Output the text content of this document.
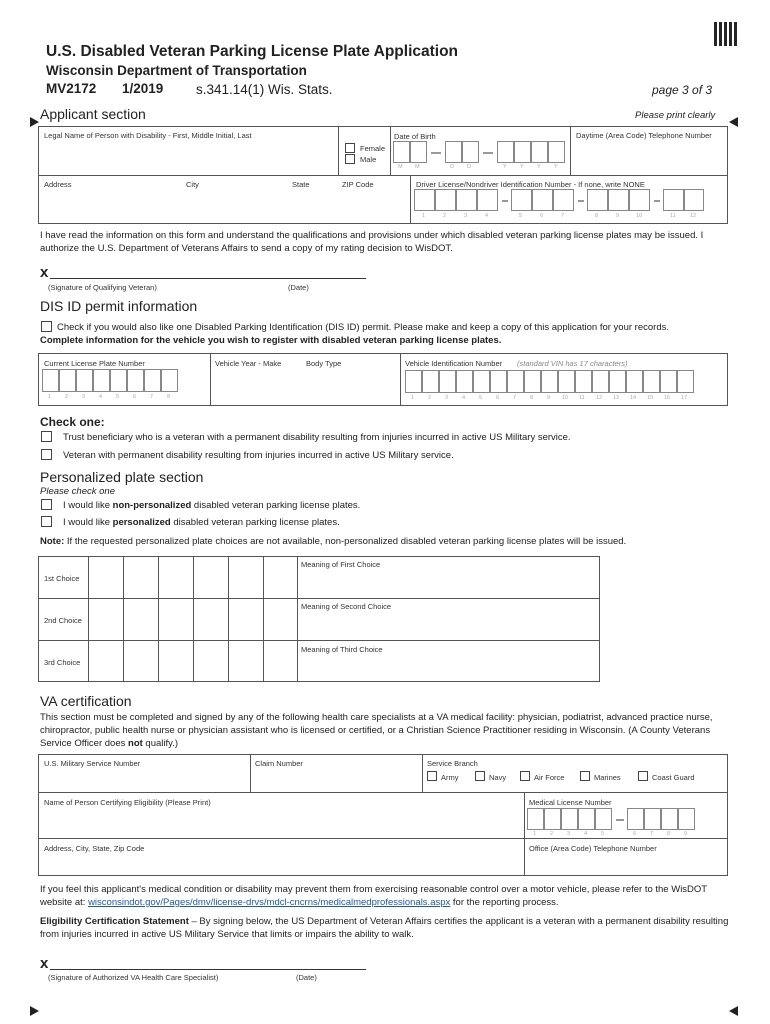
U.S. Disabled Veteran Parking License Plate Application
Wisconsin Department of Transportation
MV2172 1/2019 s.341.14(1) Wis. Stats.	page 3 of 3
Applicant section	Please print clearly
Legal Name of Person with Disability - First, Middle Initial, Last
Female
Male
Date of Birth
M M	D D	Y Y Y Y
Daytime (Area Code) Telephone Number
Address	City	State	ZIP Code	Driver License/Nondriver Identification Number - If none, write NONE
1	2	3	4	5	6	7	8	9	10	11	12
I have read the information on this form and understand the qualifications and provisions under which disabled veteran parking license plates may be issued. I authorize the U.S. Department of Veterans Affairs to send a copy of my rating decision to WisDOT.
x
(Signature of Qualifying Veteran)	(Date)
DIS ID permit information
Check if you would also like one Disabled Parking Identification (DIS ID) permit. Please make and keep a copy of this application for your records.
Complete information for the vehicle you wish to register with disabled veteran parking license plates.
Current License Plate Number
1	2	3	4	5	6	7	8
Vehicle Year - Make	Body Type	Vehicle Identification Number (standard VIN has 17 characters)
1	2	3	4	5	6	7	8	9 10 11 12 13 14 15 16 17
Check one:
Trust beneficiary who is a veteran with a permanent disability resulting from injuries incurred in active US Military service.
Veteran with permanent disability resulting from injuries incurred in active US Military service.
Personalized plate section
Please check one
I would like non-personalized disabled veteran parking license plates.
I would like personalized disabled veteran parking license plates.
Note: If the requested personalized plate choices are not available, non-personalized disabled veteran parking license plates will be issued.
1st Choice
Meaning of First Choice
2nd Choice
Meaning of Second Choice
3rd Choice
Meaning of Third Choice
VA certification
This section must be completed and signed by any of the following health care specialists at a VA medical facility: physician, podiatrist, advanced practice nurse, chiropractor, public health nurse or physician assistant who is licensed or certified, or a Christian Science Practitioner residing in Wisconsin. (A County Veterans Service Officer does not qualify.)
U.S. Military Service Number	Claim Number	Service Branch
Army	Navy	Air Force	Marines	Coast Guard
Name of Person Certifying Eligibility (Please Print)	Medical License Number
1	2	3	4	5	6	7	8	9
Address, City, State, Zip Code	Office (Area Code) Telephone Number
If you feel this applicant's medical condition or disability may prevent them from exercising reasonable control over a motor vehicle, please refer to the WisDOT website at: wisconsindot.gov/Pages/dmv/license-drvs/mdcl-cncrns/medicalmedprofessionals.aspx for the reporting process.
Eligibility Certification Statement – By signing below, the US Department of Veteran Affairs certifies the applicant is a veteran with a permanent disability resulting from injuries incurred in active US Military Service that limits or impairs the ability to walk.
x
(Signature of Authorized VA Health Care Specialist)	(Date)
